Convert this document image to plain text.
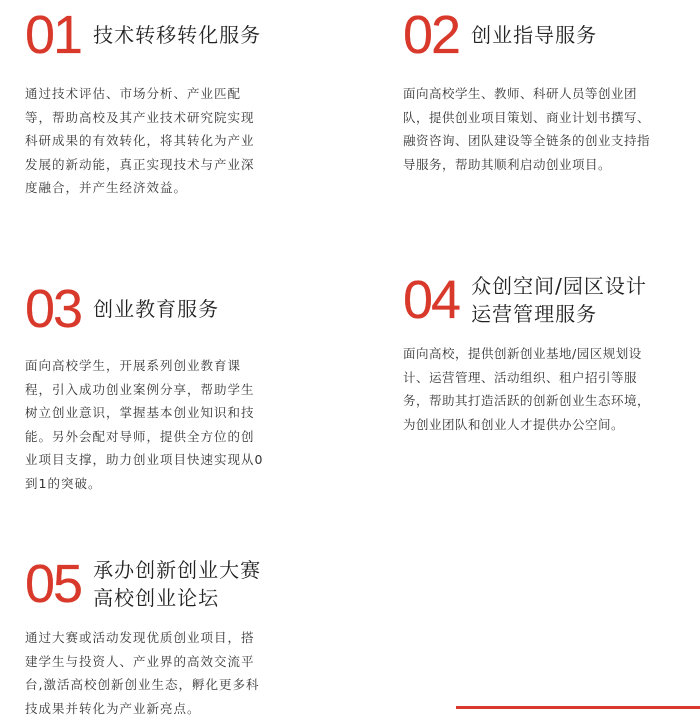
01 技术转移转化服务
通过技术评估、市场分析、产业匹配
等，帮助高校及其产业技术研究院实现
科研成果的有效转化，将其转化为产业
发展的新动能，真正实现技术与产业深
度融合，并产生经济效益。
02 创业指导服务
面向高校学生、教师、科研人员等创业团
队，提供创业项目策划、商业计划书撰写、
融资咨询、团队建设等全链条的创业支持指
导服务，帮助其顺利启动创业项目。
03 创业教育服务
面向高校学生，开展系列创业教育课
程，引入成功创业案例分享，帮助学生
树立创业意识，掌握基本创业知识和技
能。另外会配对导师，提供全方位的创
业项目支撑，助力创业项目快速实现从0
到1的突破。
04 众创空间/园区设计
运营管理服务
面向高校，提供创新创业基地/园区规划设
计、运营管理、活动组织、租户招引等服
务，帮助其打造活跃的创新创业生态环境，
为创业团队和创业人才提供办公空间。
05 承办创新创业大赛
高校创业论坛
通过大赛或活动发现优质创业项目，搭
建学生与投资人、产业界的高效交流平
台,激活高校创新创业生态，孵化更多科
技成果并转化为产业新亮点。
